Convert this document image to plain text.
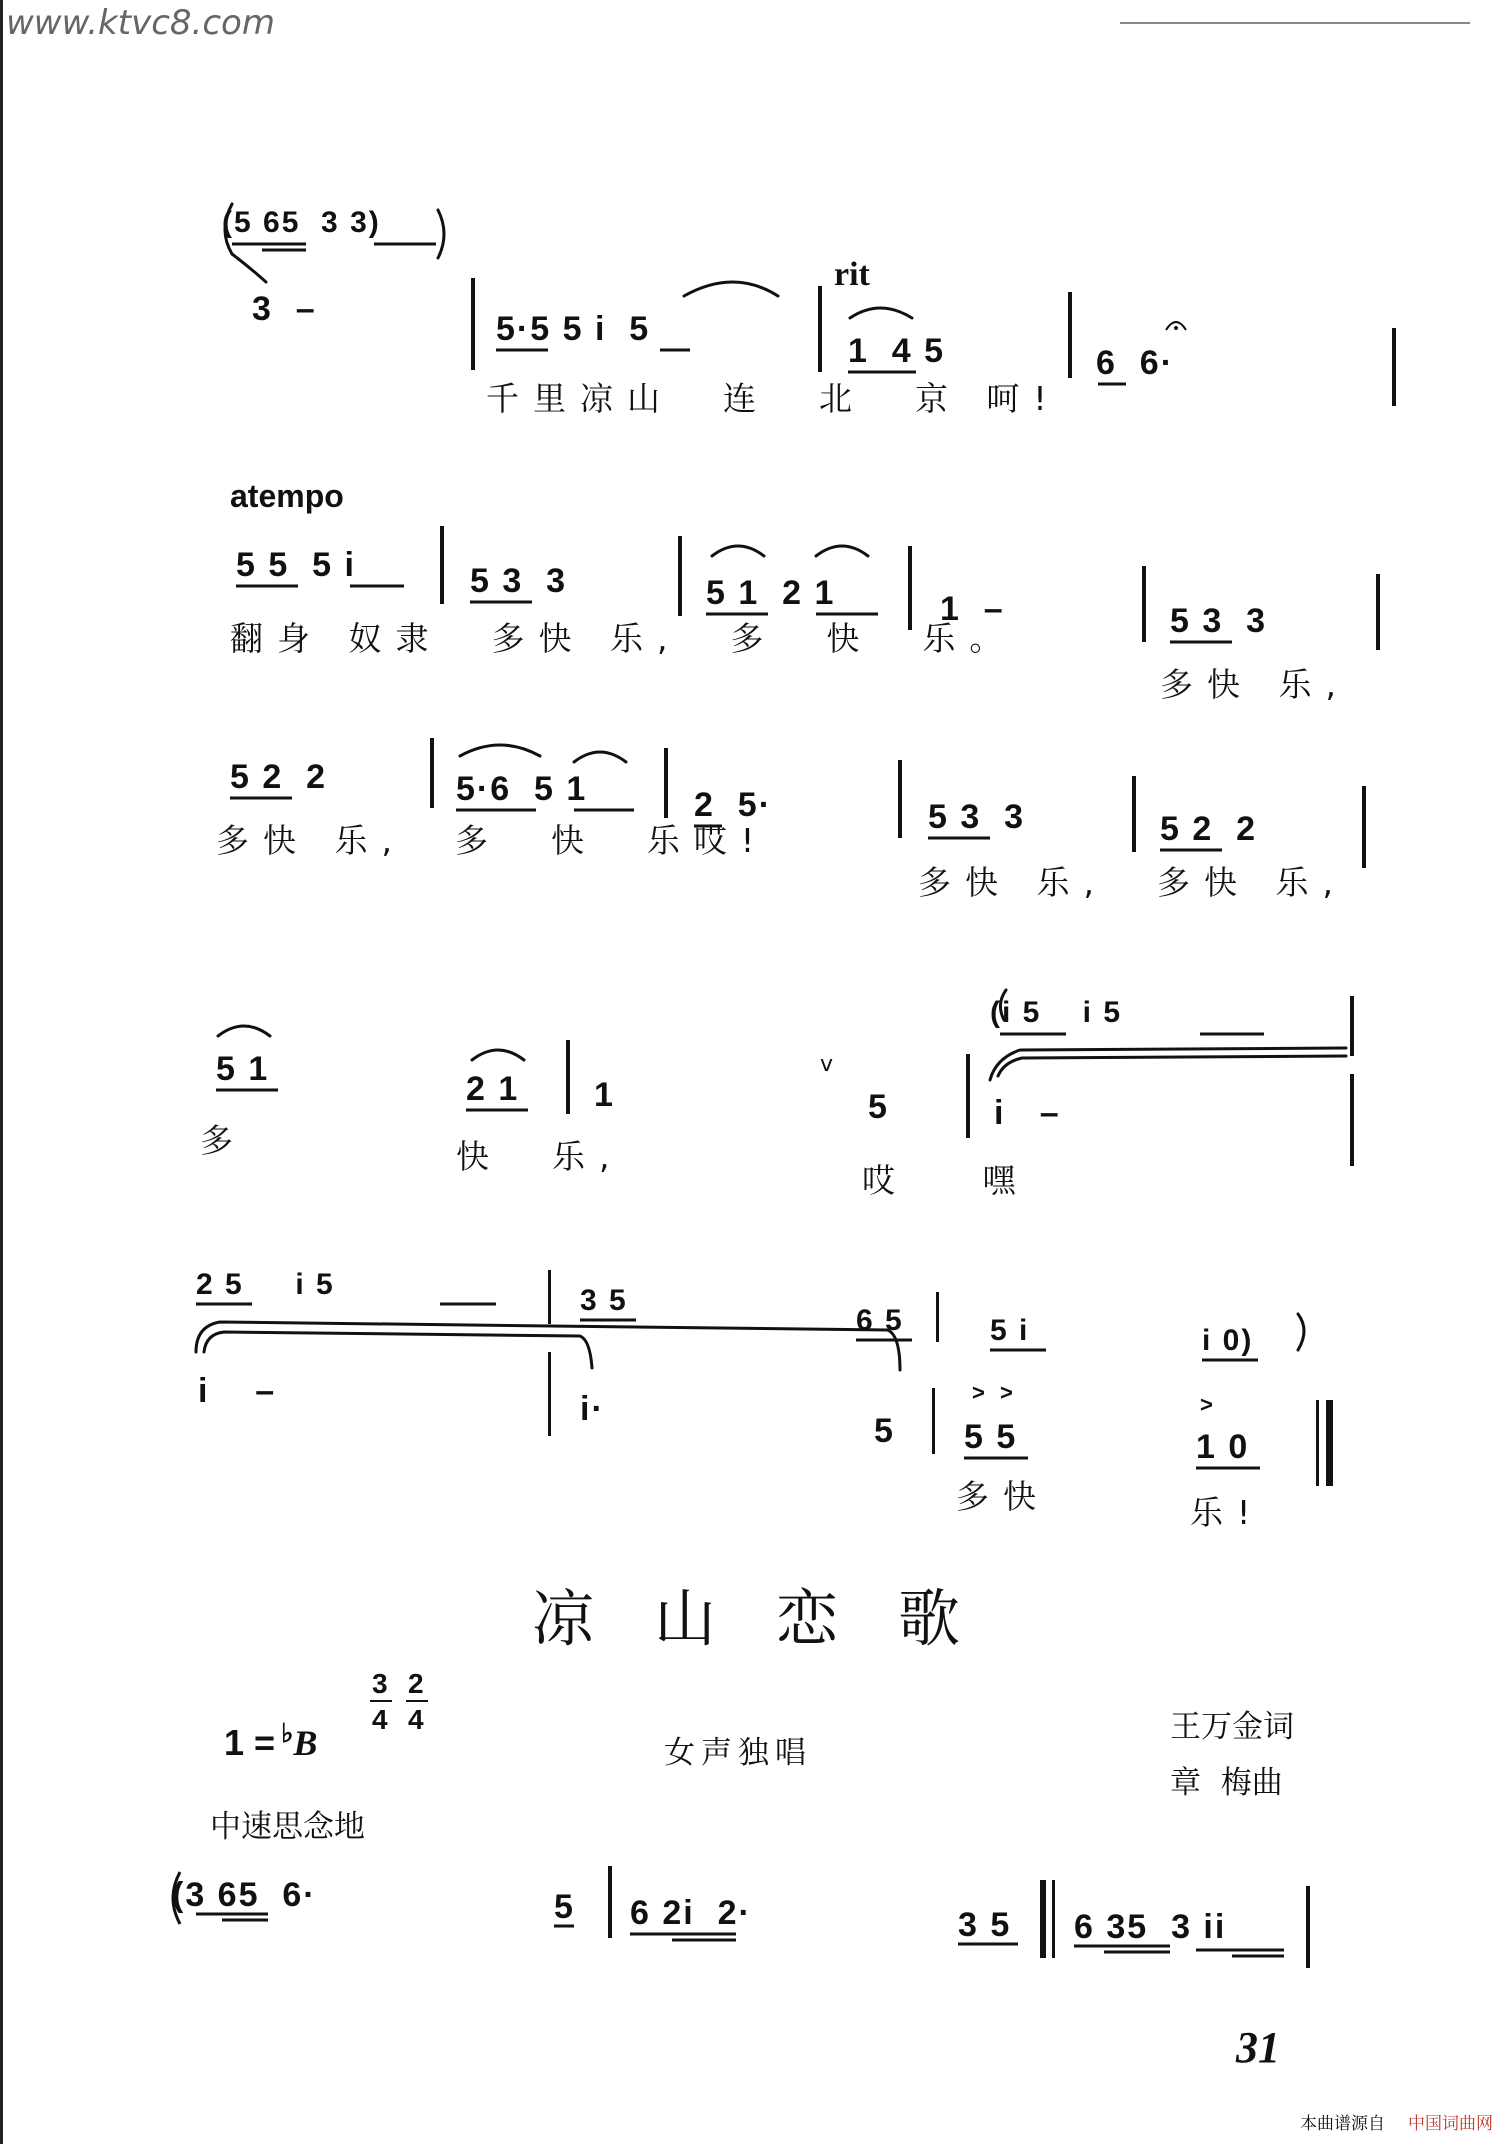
www.ktvc8.com
(5 65  3 3)
rit
3  –
5·5 5 i  5
1  4 5	6  6·
千里凉山  连  北  京 呵!
atempo
5 5  5 i	5 3  3	5 1  2 1	1  –	5 3  3
翻身 奴隶  多快 乐,  多  快  乐。
多快 乐,
5 2  2	5·6  5 1	2  5·	5 3  3	5 2  2
多快 乐,  多  快  乐哎!
多快 乐,  多快 乐,
(i 5    i 5
5 1
2 1 1
v
5	i   –
多	快  乐,
哎   嘿
2 5     i 5	3 5
6 5	5 i	i 0)
i    –	i·
5
> >
5 5
>
1 0
多快	乐!
凉山恋歌

1 = ♭B

3
4
2
4
女声独唱
王万金词
章  梅曲
中速思念地
(3 65  6·	5 6 2i  2·	3 5 6 35  3 ii
31
本曲谱源自 中国词曲网
